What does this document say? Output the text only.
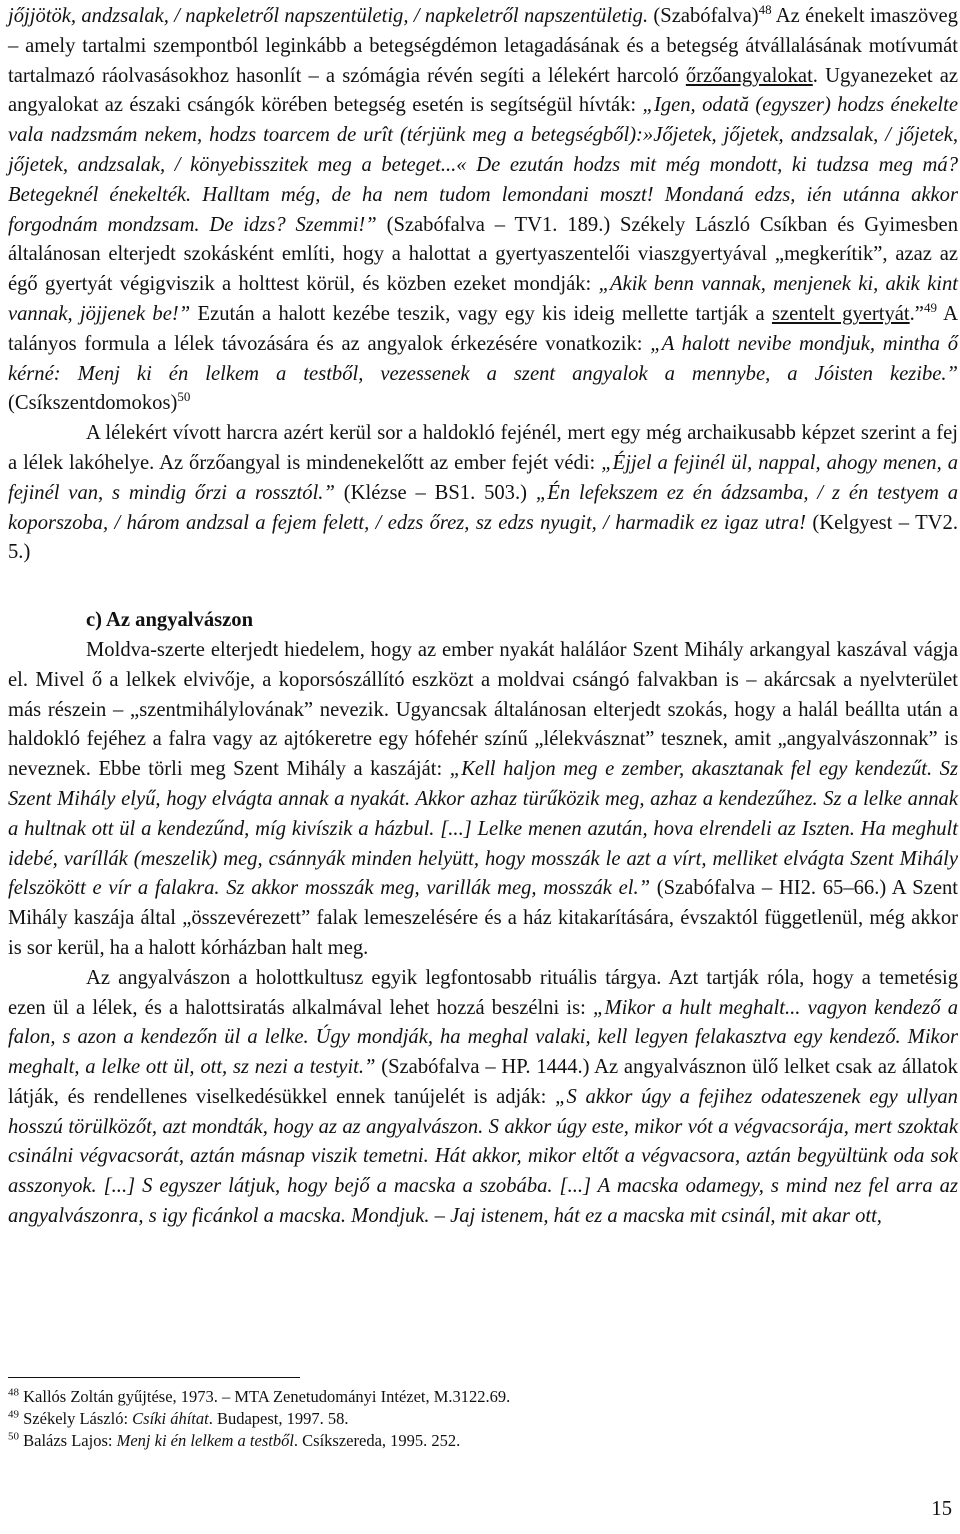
jőjjötök, andzsalak, / napkeletről napszentületig, / napkeletről napszentületig. (Szabófalva)$^{48}$ Az énekelt imaszöveg – amely tartalmi szempontból leginkább a betegségdémon letagadásának és a betegség átvállalásának motívumát tartalmazó ráolvasásokhoz hasonlít – a szómágia révén segíti a lélekért harcoló őrzőangyalokat. Ugyanezeket az angyalokat az északi csángók körében betegség esetén is segítségül hívták: „Igen, odată (egyszer) hodzs énekelte vala nadzsmám nekem, hodzs toarcem de urît (térjünk meg a betegségből):»Jőjetek, jőjetek, andzsalak, / jőjetek, jőjetek, andzsalak, / könyebisszitek meg a beteget...« De ezután hodzs mit még mondott, ki tudzsa meg má? Betegeknél énekelték. Halltam még, de ha nem tudom lemondani moszt! Mondaná edzs, ién utánna akkor forgodnám mondzsam. De idzs? Szemmi!” (Szabófalva – TV1. 189.) Székely László Csíkban és Gyimesben általánosan elterjedt szokásként említi, hogy a halottat a gyertyaszentelői viaszgyertyával „megkerítik”, azaz az égő gyertyát végigviszik a holttest körül, és közben ezeket mondják: „Akik benn vannak, menjenek ki, akik kint vannak, jöjjenek be!” Ezután a halott kezébe teszik, vagy egy kis ideig mellette tartják a szentelt gyertyát.”$^{49}$ A talányos formula a lélek távozására és az angyalok érkezésére vonatkozik: „A halott nevibe mondjuk, mintha ő kérné: Menj ki én lelkem a testből, vezessenek a szent angyalok a mennybe, a Jóisten kezibe.” (Csíkszentdomokos)$^{50}$

A lélekért vívott harcra azért kerül sor a haldokló fejénél, mert egy még archaikusabb képzet szerint a fej a lélek lakóhelye. Az őrzőangyal is mindenekelőtt az ember fejét védi: „Éjjel a fejinél ül, nappal, ahogy menen, a fejinél van, s mindig őrzi a rossztól.” (Klézse – BS1. 503.) „Én lefekszem ez én ádzsamba, / z én testyem a koporszoba, / három andzsal a fejem felett, / edzs őrez, sz edzs nyugit, / harmadik ez igaz utra! (Kelgyest – TV2. 5.)

c) Az angyalvászon

Moldva-szerte elterjedt hiedelem, hogy az ember nyakát haláláor Szent Mihály arkangyal kaszával vágja el. Mivel ő a lelkek elvivője, a koporsószállító eszközt a moldvai csángó falvakban is – akárcsak a nyelvterület más részein – „szentmihálylovának” nevezik. Ugyancsak általánosan elterjedt szokás, hogy a halál beállta után a haldokló fejéhez a falra vagy az ajtókeretre egy hófehér színű „lélekvásznat” tesznek, amit „angyalvászonnak” is neveznek. Ebbe törli meg Szent Mihály a kaszáját: „Kell haljon meg e zember, akasztanak fel egy kendezűt. Sz Szent Mihály elyű, hogy elvágta annak a nyakát. Akkor azhaz türűközik meg, azhaz a kendezűhez. Sz a lelke annak a hultnak ott ül a kendezűnd, míg kivíszik a házbul. [...] Lelke menen azután, hova elrendeli az Iszten. Ha meghult idebé, varíllák (meszelik) meg, csánnyák minden helyütt, hogy mosszák le azt a vírt, melliket elvágta Szent Mihály felszökött e vír a falakra. Sz akkor mosszák meg, varillák meg, mosszák el.” (Szabófalva – HI2. 65–66.) A Szent Mihály kaszája által „összevérezett” falak lemeszelésére és a ház kitakarítására, évszaktól függetlenül, még akkor is sor kerül, ha a halott kórházban halt meg.

Az angyalvászon a holottkultusz egyik legfontosabb rituális tárgya. Azt tartják róla, hogy a temetésig ezen ül a lélek, és a halottsiratás alkalmával lehet hozzá beszélni is: „Mikor a hult meghalt... vagyon kendező a falon, s azon a kendezőn ül a lelke. Úgy mondják, ha meghal valaki, kell legyen felakasztva egy kendező. Mikor meghalt, a lelke ott ül, ott, sz nezi a testyit.” (Szabófalva – HP. 1444.) Az angyalvásznon ülő lelket csak az állatok látják, és rendellenes viselkedésükkel ennek tanújelét is adják: „S akkor úgy a fejihez odateszenek egy ullyan hosszú törülközőt, azt mondták, hogy az az angyalvászon. S akkor úgy este, mikor vót a végvacsorája, mert szoktak csinálni végvacsorát, aztán másnap viszik temetni. Hát akkor, mikor eltőt a végvacsora, aztán begyültünk oda sok asszonyok. [...] S egyszer látjuk, hogy bejő a macska a szobába. [...] A macska odamegy, s mind nez fel arra az angyalvászonra, s igy ficánkol a macska. Mondjuk. – Jaj istenem, hát ez a macska mit csinál, mit akar ott,

$^{48}$ Kallós Zoltán gyűjtése, 1973. – MTA Zenetudományi Intézet, M.3122.69.

$^{49}$ Székely László: Csíki áhítat. Budapest, 1997. 58.

$^{50}$ Balázs Lajos: Menj ki én lelkem a testből. Csíkszereda, 1995. 252.

15
